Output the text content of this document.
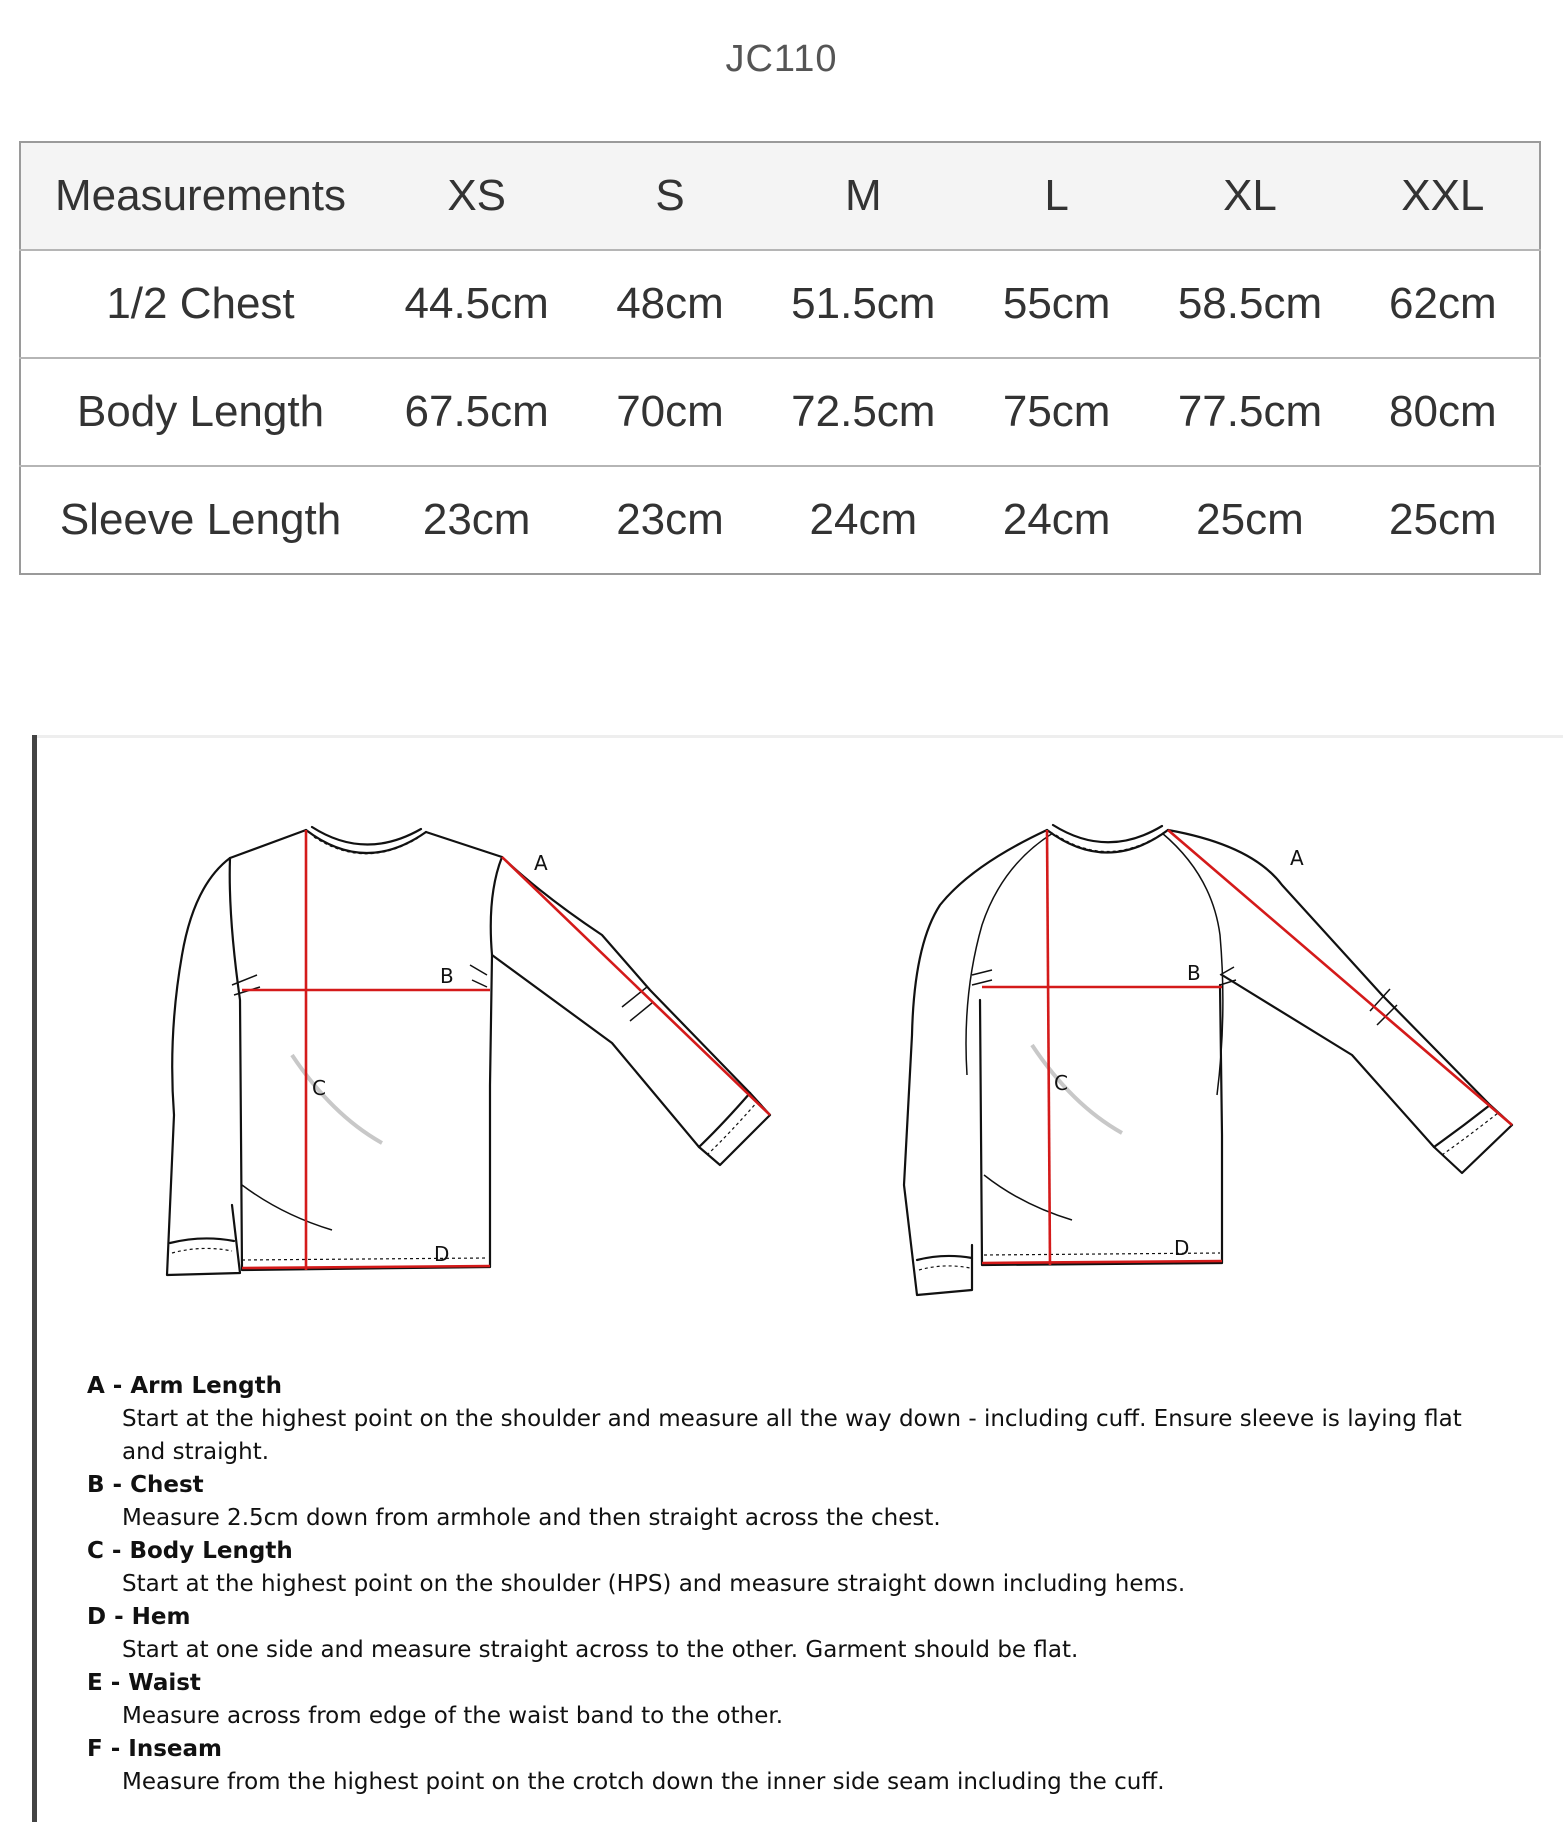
JC110
Measurements	XS	S	M	L	XL	XXL
1/2 Chest	44.5cm	48cm	51.5cm	55cm	58.5cm	62cm
Body Length	67.5cm	70cm	72.5cm	75cm	77.5cm	80cm
Sleeve Length	23cm	23cm	24cm	24cm	25cm	25cm
A
B
C
D
A
B
C
D
A - Arm Length
Start at the highest point on the shoulder and measure all the way down - including cuff. Ensure sleeve is laying flat and straight.
B - Chest
Measure 2.5cm down from armhole and then straight across the chest.
C - Body Length
Start at the highest point on the shoulder (HPS) and measure straight down including hems.
D - Hem
Start at one side and measure straight across to the other. Garment should be flat.
E - Waist
Measure across from edge of the waist band to the other.
F - Inseam
Measure from the highest point on the crotch down the inner side seam including the cuff.
